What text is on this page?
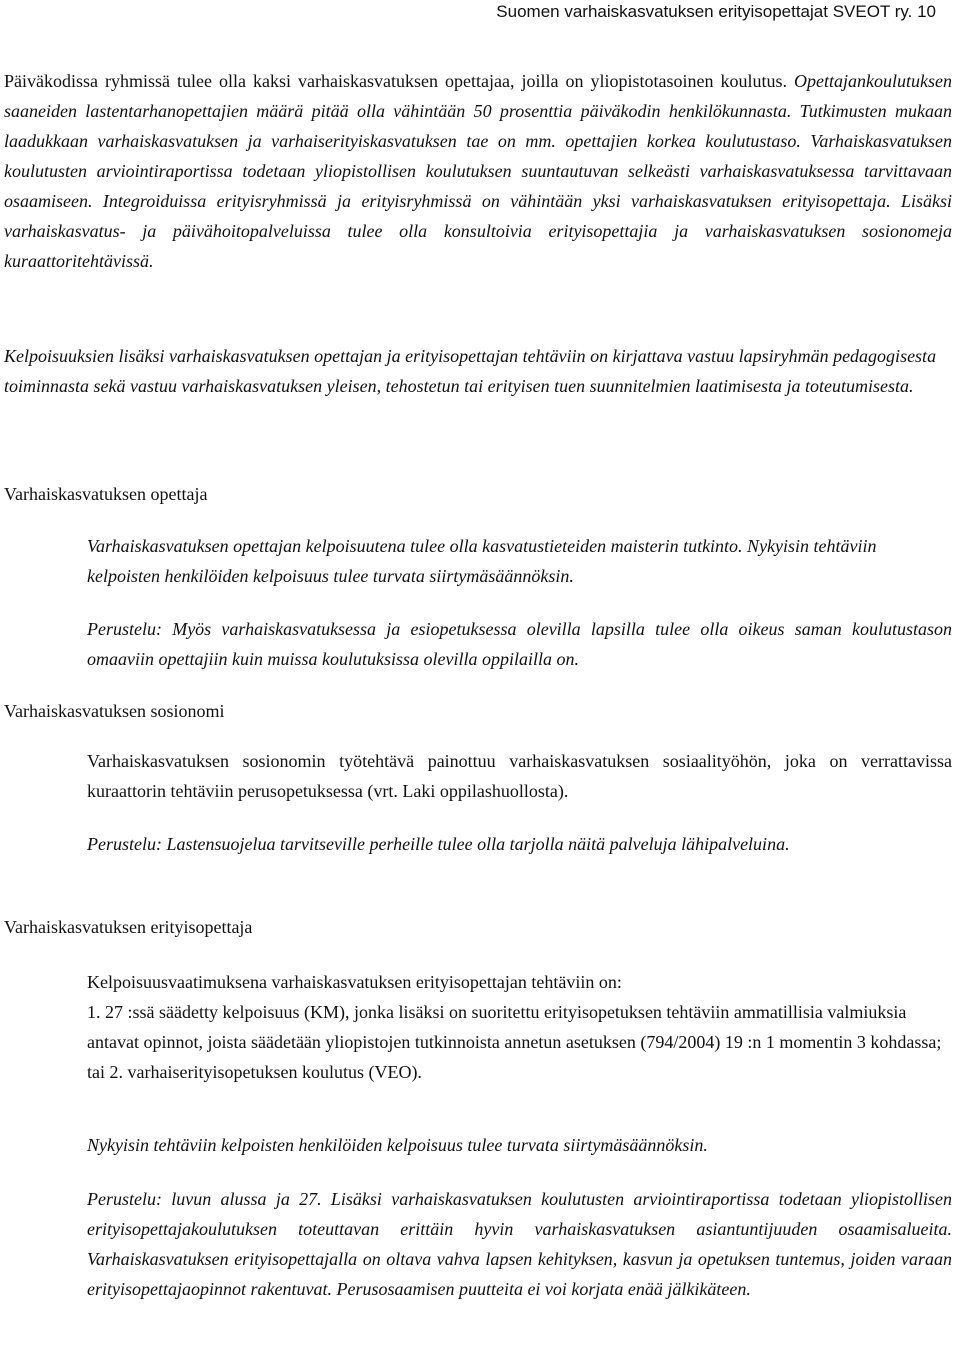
Suomen varhaiskasvatuksen erityisopettajat SVEOT ry. 10

Päiväkodissa ryhmissä tulee olla kaksi varhaiskasvatuksen opettajaa, joilla on yliopistotasoinen koulutus. Opettajankoulutuksen saaneiden lastentarhanopettajien määrä pitää olla vähintään 50 prosenttia päiväkodin henkilökunnasta. Tutkimusten mukaan laadukkaan varhaiskasvatuksen ja varhaiserityiskasvatuksen tae on mm. opettajien korkea koulutustaso. Varhaiskasvatuksen koulutusten arviointiraportissa todetaan yliopistollisen koulutuksen suuntautuvan selkeästi varhaiskasvatuksessa tarvittavaan osaamiseen. Integroiduissa erityisryhmissä ja erityisryhmissä on vähintään yksi varhaiskasvatuksen erityisopettaja. Lisäksi varhaiskasvatus- ja päivähoitopalveluissa tulee olla konsultoivia erityisopettajia ja varhaiskasvatuksen sosionomeja kuraattoritehtävissä.

Kelpoisuuksien lisäksi varhaiskasvatuksen opettajan ja erityisopettajan tehtäviin on kirjattava vastuu lapsiryhmän pedagogisesta toiminnasta sekä vastuu varhaiskasvatuksen yleisen, tehostetun tai erityisen tuen suunnitelmien laatimisesta ja toteutumisesta.

Varhaiskasvatuksen opettaja
Varhaiskasvatuksen opettajan kelpoisuutena tulee olla kasvatustieteiden maisterin tutkinto. Nykyisin tehtäviin kelpoisten henkilöiden kelpoisuus tulee turvata siirtymäsäännöksin.
Perustelu: Myös varhaiskasvatuksessa ja esiopetuksessa olevilla lapsilla tulee olla oikeus saman koulutustason omaaviin opettajiin kuin muissa koulutuksissa olevilla oppilailla on.
Varhaiskasvatuksen sosionomi
Varhaiskasvatuksen sosionomin työtehtävä painottuu varhaiskasvatuksen sosiaalityöhön, joka on verrattavissa kuraattorin tehtäviin perusopetuksessa (vrt. Laki oppilashuollosta).
Perustelu: Lastensuojelua tarvitseville perheille tulee olla tarjolla näitä palveluja lähipalveluina.
Varhaiskasvatuksen erityisopettaja

Kelpoisuusvaatimuksena varhaiskasvatuksen erityisopettajan tehtäviin on:

1. 27 :ssä säädetty kelpoisuus (KM), jonka lisäksi on suoritettu erityisopetuksen tehtäviin ammatillisia valmiuksia antavat opinnot, joista säädetään yliopistojen tutkinnoista annetun asetuksen (794/2004) 19 :n 1 momentin 3 kohdassa; tai 2. varhaiserityisopetuksen koulutus (VEO).

Nykyisin tehtäviin kelpoisten henkilöiden kelpoisuus tulee turvata siirtymäsäännöksin.
Perustelu: luvun alussa ja 27. Lisäksi varhaiskasvatuksen koulutusten arviointiraportissa todetaan yliopistollisen erityisopettajakoulutuksen toteuttavan erittäin hyvin varhaiskasvatuksen asiantuntijuuden osaamisalueita. Varhaiskasvatuksen erityisopettajalla on oltava vahva lapsen kehityksen, kasvun ja opetuksen tuntemus, joiden varaan erityisopettajaopinnot rakentuvat. Perusosaamisen puutteita ei voi korjata enää jälkikäteen.
